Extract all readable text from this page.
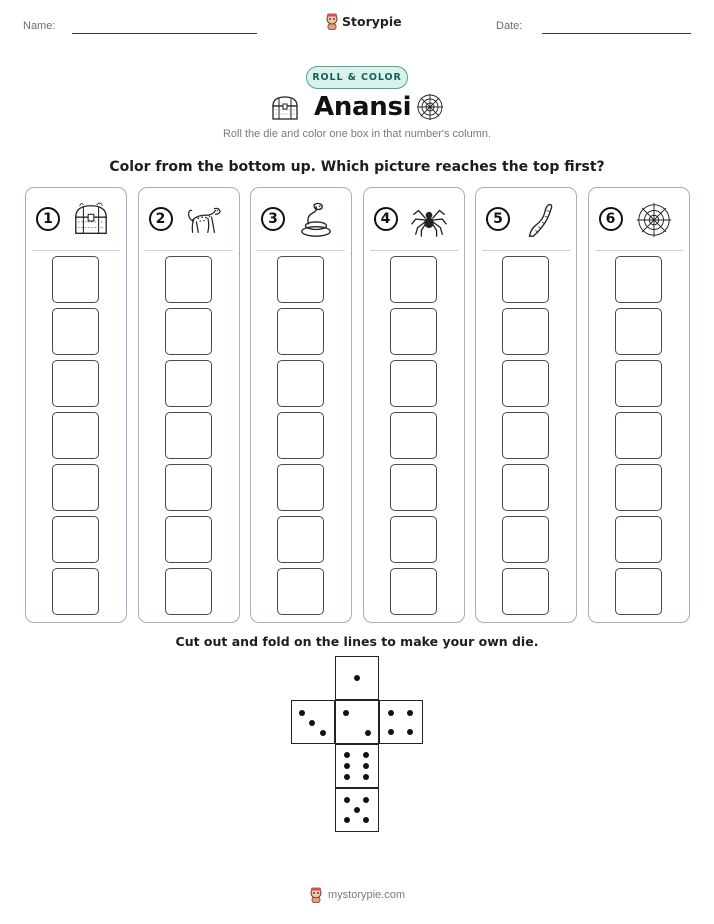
Name:	Storypie	Date:
ROLL & COLOR
Anansi
Roll the die and color one box in that number's column.
Color from the bottom up. Which picture reaches the top first?
1	2	3	4	5	6
Cut out and fold on the lines to make your own die.
mystorypie.com
